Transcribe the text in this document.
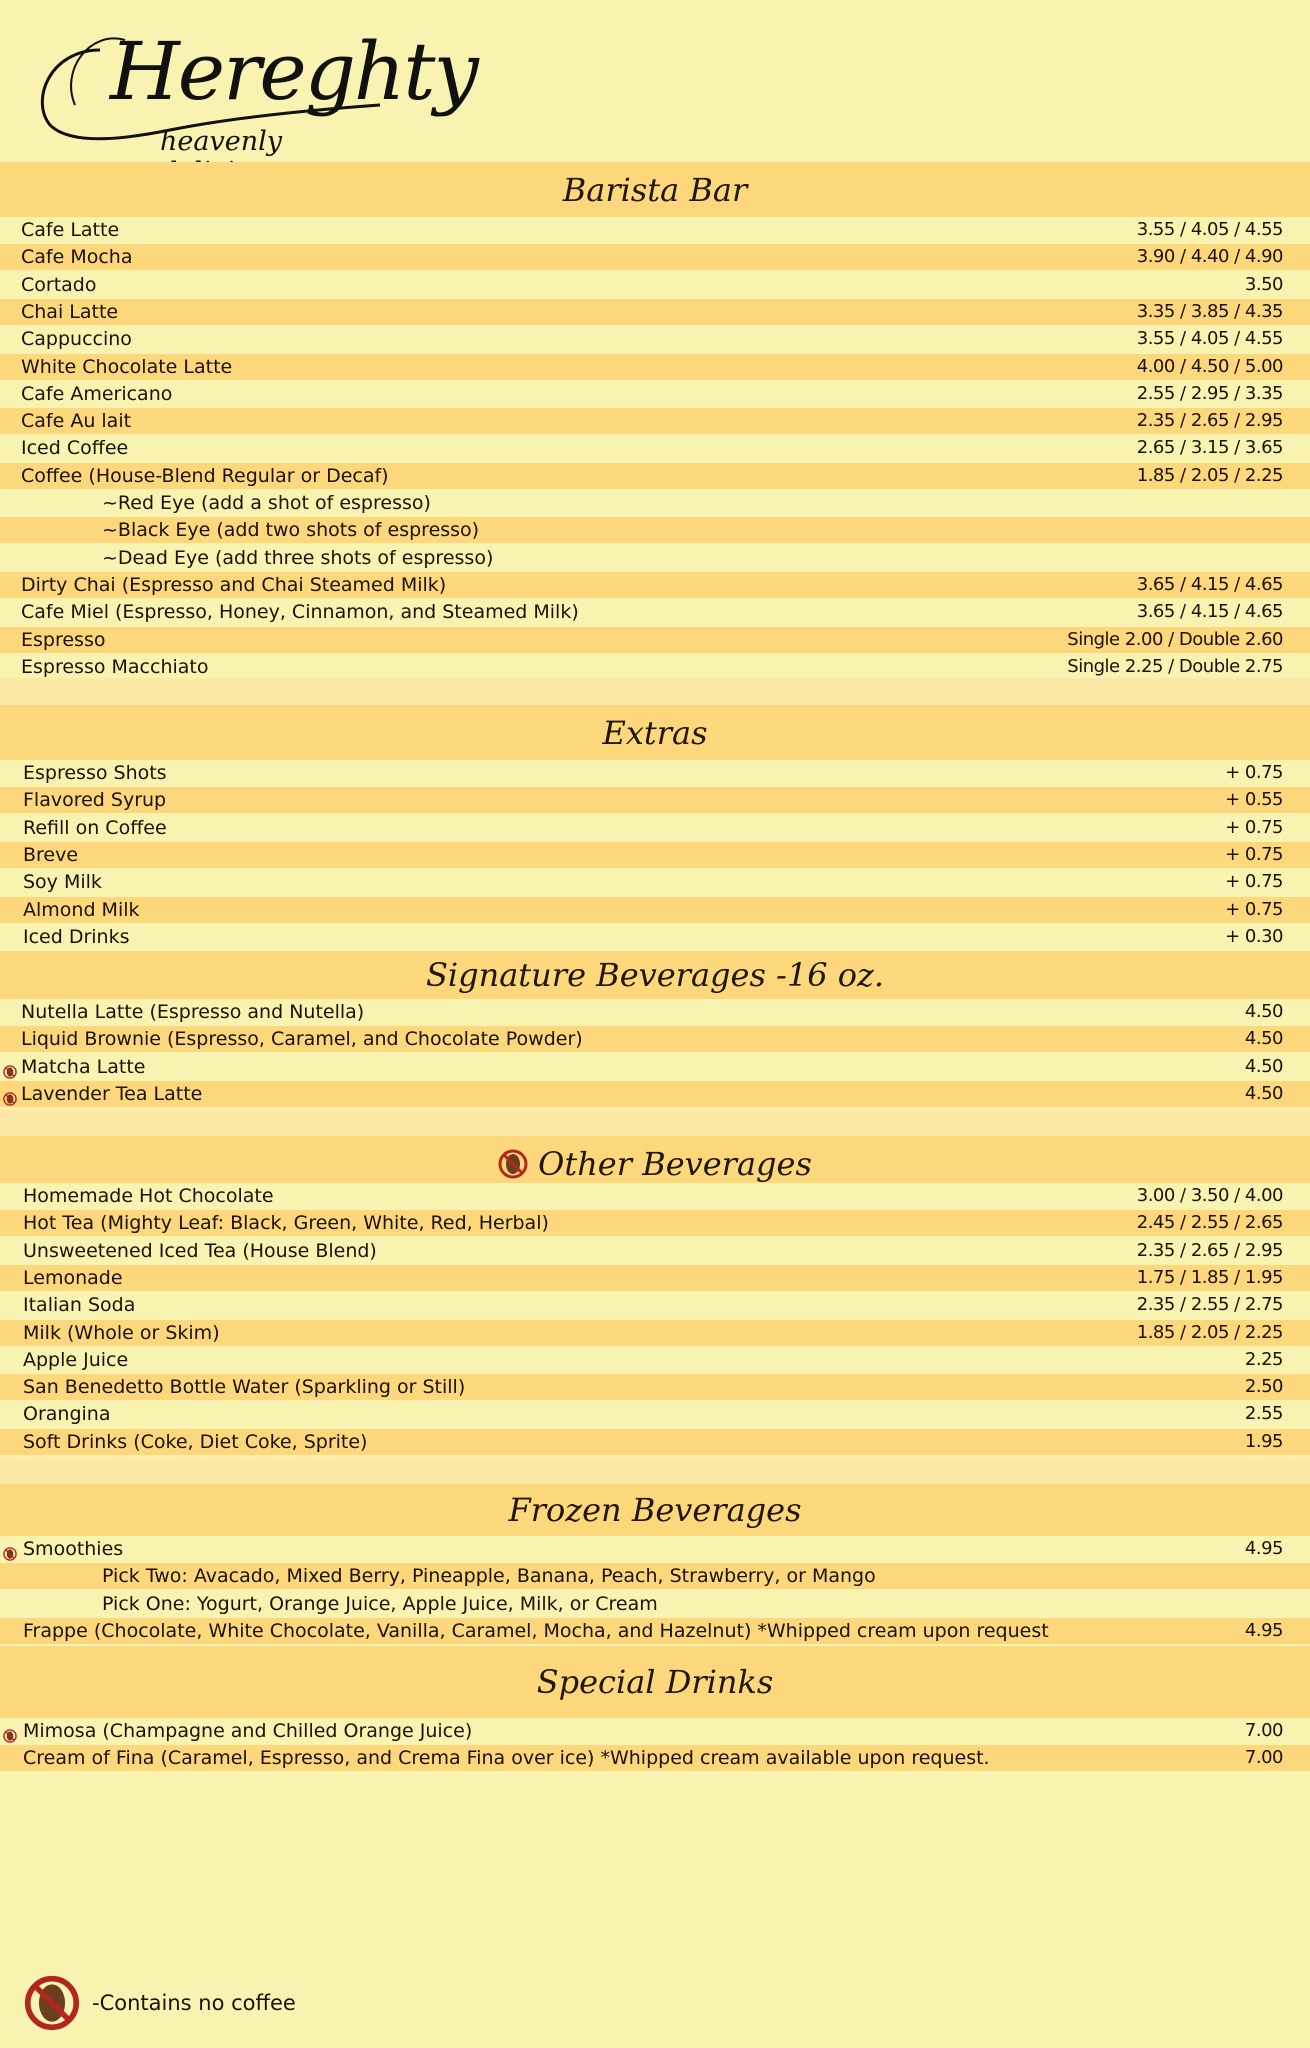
Hereghty
heavenly
Barista Bar
Cafe Latte	3.55 / 4.05 / 4.55
Cafe Mocha	3.90 / 4.40 / 4.90
Cortado	3.50
Chai Latte	3.35 / 3.85 / 4.35
Cappuccino	3.55 / 4.05 / 4.55
White Chocolate Latte	4.00 / 4.50 / 5.00
Cafe Americano	2.55 / 2.95 / 3.35
Cafe Au lait	2.35 / 2.65 / 2.95
Iced Coffee	2.65 / 3.15 / 3.65
Coffee (House-Blend Regular or Decaf)	1.85 / 2.05 / 2.25
~Red Eye (add a shot of espresso)
~Black Eye (add two shots of espresso)
~Dead Eye (add three shots of espresso)
Dirty Chai (Espresso and Chai Steamed Milk)	3.65 / 4.15 / 4.65
Cafe Miel (Espresso, Honey, Cinnamon, and Steamed Milk)	3.65 / 4.15 / 4.65
Espresso	Single 2.00 / Double 2.60
Espresso Macchiato	Single 2.25 / Double 2.75
Extras
Espresso Shots	+ 0.75
Flavored Syrup	+ 0.55
Refill on Coffee	+ 0.75
Breve	+ 0.75
Soy Milk	+ 0.75
Almond Milk	+ 0.75
Iced Drinks	+ 0.30
Signature Beverages -16 oz.
Nutella Latte (Espresso and Nutella)	4.50
Liquid Brownie (Espresso, Caramel, and Chocolate Powder)	4.50
Matcha Latte	4.50
Lavender Tea Latte	4.50
Other Beverages
Homemade Hot Chocolate	3.00 / 3.50 / 4.00
Hot Tea (Mighty Leaf: Black, Green, White, Red, Herbal)	2.45 / 2.55 / 2.65
Unsweetened Iced Tea (House Blend)	2.35 / 2.65 / 2.95
Lemonade	1.75 / 1.85 / 1.95
Italian Soda	2.35 / 2.55 / 2.75
Milk (Whole or Skim)	1.85 / 2.05 / 2.25
Apple Juice	2.25
San Benedetto Bottle Water (Sparkling or Still)	2.50
Orangina	2.55
Soft Drinks (Coke, Diet Coke, Sprite)	1.95
Frozen Beverages
Smoothies	4.95
Pick Two: Avacado, Mixed Berry, Pineapple, Banana, Peach, Strawberry, or Mango
Pick One: Yogurt, Orange Juice, Apple Juice, Milk, or Cream
Frappe (Chocolate, White Chocolate, Vanilla, Caramel, Mocha, and Hazelnut) *Whipped cream upon request	4.95
Special Drinks
Mimosa (Champagne and Chilled Orange Juice)	7.00
Cream of Fina (Caramel, Espresso, and Crema Fina over ice) *Whipped cream available upon request.	7.00
-Contains no coffee
